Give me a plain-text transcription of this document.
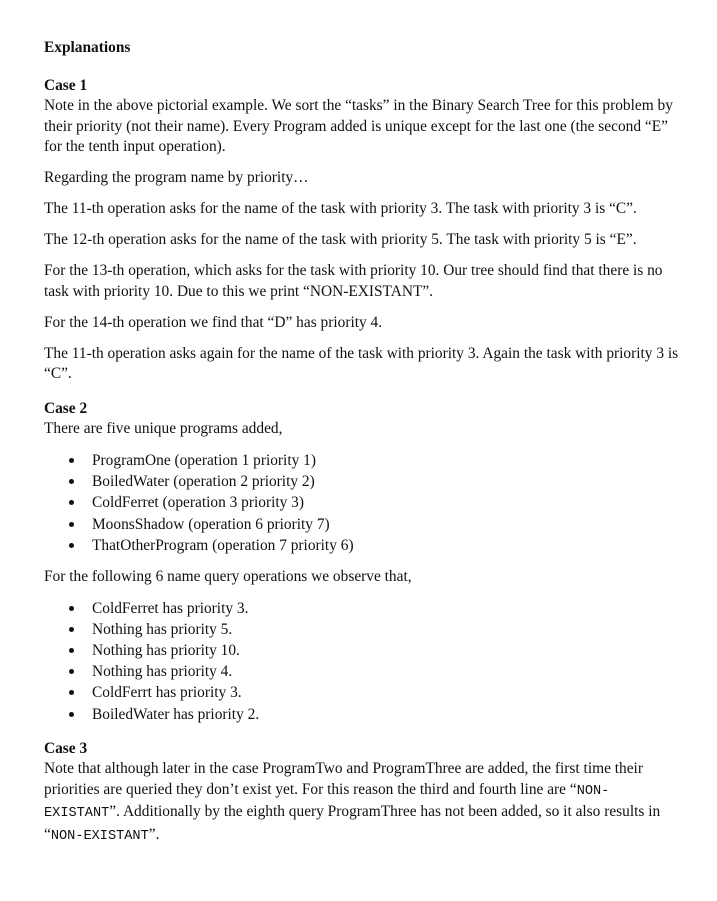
Explanations
Case 1

Note in the above pictorial example. We sort the “tasks” in the Binary Search Tree for this problem by their priority (not their name). Every Program added is unique except for the last one (the second “E” for the tenth input operation).

Regarding the program name by priority…

The 11-th operation asks for the name of the task with priority 3. The task with priority 3 is “C”.

The 12-th operation asks for the name of the task with priority 5. The task with priority 5 is “E”.

For the 13-th operation, which asks for the task with priority 10. Our tree should find that there is no task with priority 10. Due to this we print “NON-EXISTANT”.

For the 14-th operation we find that “D” has priority 4.

The 11-th operation asks again for the name of the task with priority 3. Again the task with priority 3 is “C”.

Case 2

There are five unique programs added,

ProgramOne (operation 1 priority 1)
BoiledWater (operation 2 priority 2)
ColdFerret (operation 3 priority 3)
MoonsShadow (operation 6 priority 7)
ThatOtherProgram (operation 7 priority 6)

For the following 6 name query operations we observe that,

ColdFerret has priority 3.
Nothing has priority 5.
Nothing has priority 10.
Nothing has priority 4.
ColdFerrt has priority 3.
BoiledWater has priority 2.
Case 3

Note that although later in the case ProgramTwo and ProgramThree are added, the first time their priorities are queried they don’t exist yet. For this reason the third and fourth line are “NON-EXISTANT”. Additionally by the eighth query ProgramThree has not been added, so it also results in “NON-EXISTANT”.
